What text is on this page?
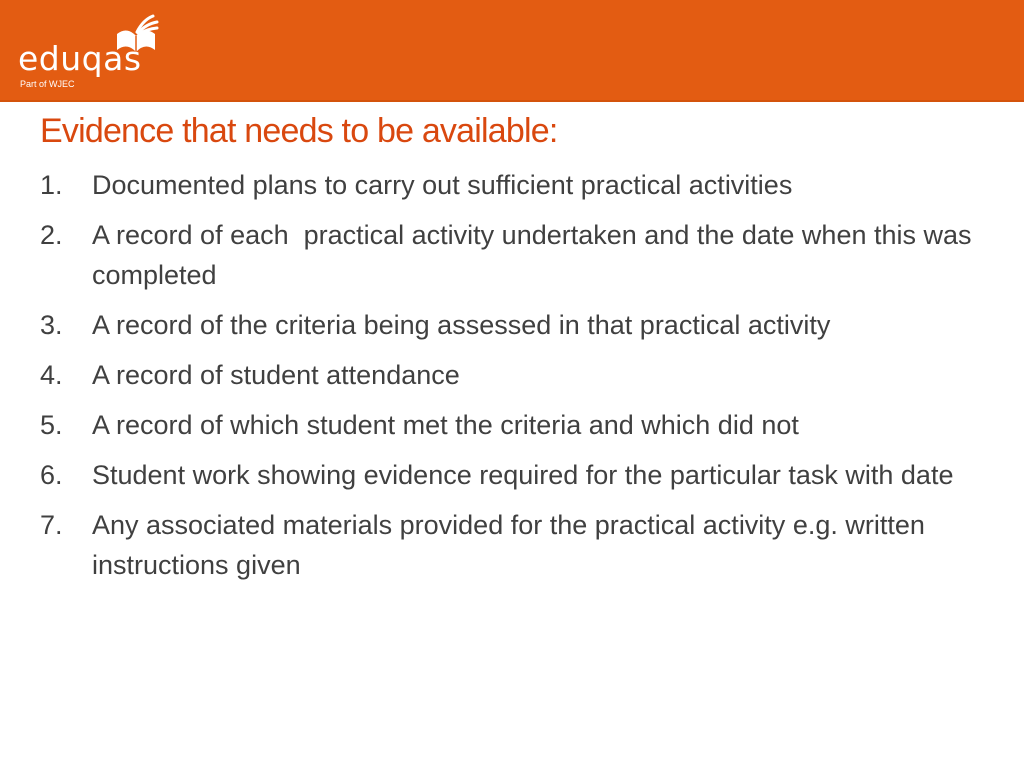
eduqas
Part of WJEC
Evidence that needs to be available:
1.	Documented plans to carry out sufficient practical activities
2.	A record of each  practical activity undertaken and the date when this was completed
3.	A record of the criteria being assessed in that practical activity
4.	A record of student attendance
5.	A record of which student met the criteria and which did not
6.	Student work showing evidence required for the particular task with date
7.	Any associated materials provided for the practical activity e.g. written instructions given
